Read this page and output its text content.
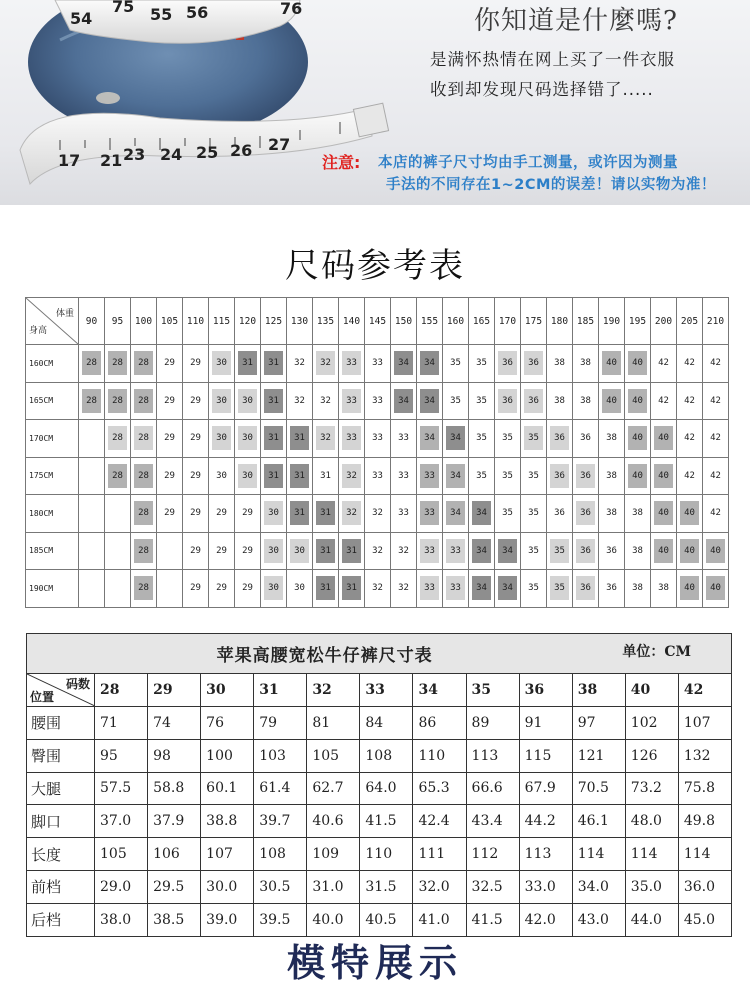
17 21 23 24 25 26 27
54	55 56
75	76	你知道是什麼嗎?
是满怀热情在网上买了一件衣服
收到却发现尺码选择错了.....
注意: 本店的裤子尺寸均由手工测量，或许因为测量
手法的不同存在1~2CM的误差！请以实物为准！
尺码参考表
体重
身高	90	95	100	105	110	115	120	125	130	135	140	145	150	155	160	165	170	175	180	185	190	195	200	205	210
160CM	28	28	28	29	29	30	31	31	32	32	33	33	34	34	35	35	36	36	38	38	40	40	42	42	42
165CM	28	28	28	29	29	30	30	31	32	32	33	33	34	34	35	35	36	36	38	38	40	40	42	42	42
170CM		28	28	29	29	30	30	31	31	32	33	33	33	34	34	35	35	35	36	36	38	40	40	42	42
175CM		28	28	29	29	30	30	31	31	31	32	33	33	33	34	35	35	35	36	36	38	40	40	42	42
180CM			28	29	29	29	29	30	31	31	32	32	33	33	34	34	35	35	36	36	38	38	40	40	42
185CM			28		29	29	29	30	30	31	31	32	32	33	33	34	34	35	35	36	36	38	40	40	40
190CM			28		29	29	29	30	30	31	31	32	32	33	33	34	34	35	35	36	36	38	38	40	40
苹果高腰宽松牛仔裤尺寸表 单位：CM												

码数
位置	28	29	30	31	32	33	34	35	36	38	40	42
腰围	71	74	76	79	81	84	86	89	91	97	102	107
臀围	95	98	100	103	105	108	110	113	115	121	126	132
大腿	57.5	58.8	60.1	61.4	62.7	64.0	65.3	66.6	67.9	70.5	73.2	75.8
脚口	37.0	37.9	38.8	39.7	40.6	41.5	42.4	43.4	44.2	46.1	48.0	49.8
长度	105	106	107	108	109	110	111	112	113	114	114	114
前档	29.0	29.5	30.0	30.5	31.0	31.5	32.0	32.5	33.0	34.0	35.0	36.0
后档	38.0	38.5	39.0	39.5	40.0	40.5	41.0	41.5	42.0	43.0	44.0	45.0
模特展示
